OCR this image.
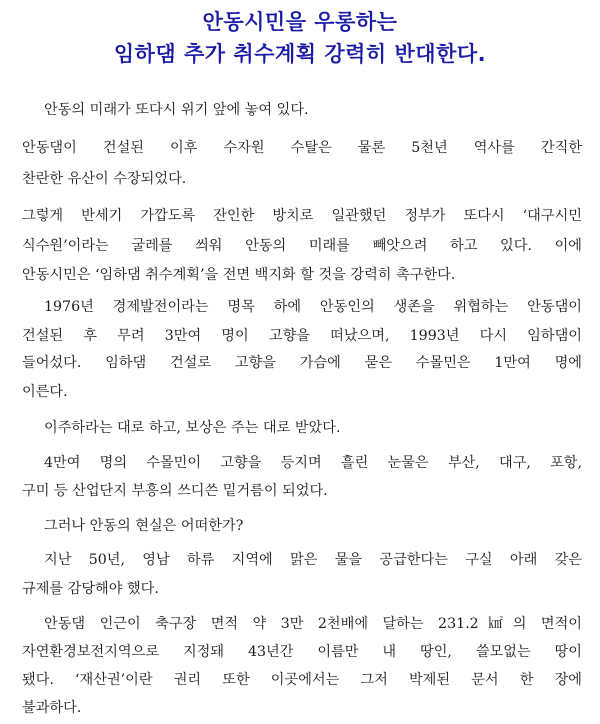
안동시민을 우롱하는
임하댐 추가 취수계획 강력히 반대한다.
안동의 미래가 또다시 위기 앞에 놓여 있다.
안동댐이 건설된 이후 수자원 수탈은 물론 5천년 역사를 간직한
찬란한 유산이 수장되었다.
그렇게 반세기 가깝도록 잔인한 방치로 일관했던 정부가 또다시 ‘대구시민
식수원’이라는 굴레를 씌워 안동의 미래를 빼앗으려 하고 있다. 이에
안동시민은 ‘임하댐 취수계획’을 전면 백지화 할 것을 강력히 촉구한다.
1976년 경제발전이라는 명목 하에 안동인의 생존을 위협하는 안동댐이
건설된 후 무려 3만여 명이 고향을 떠났으며, 1993년 다시 임하댐이
들어섰다. 임하댐 건설로 고향을 가슴에 묻은 수몰민은 1만여 명에
이른다.
이주하라는 대로 하고, 보상은 주는 대로 받았다.
4만여 명의 수몰민이 고향을 등지며 흘린 눈물은 부산, 대구, 포항,
구미 등 산업단지 부흥의 쓰디쓴 밑거름이 되었다.
그러나 안동의 현실은 어떠한가?
지난 50년, 영남 하류 지역에 맑은 물을 공급한다는 구실 아래 갖은
규제를 감당해야 했다.
안동댐 인근이 축구장 면적 약 3만 2천배에 달하는 231.2㎢의 면적이
자연환경보전지역으로 지정돼 43년간 이름만 내 땅인, 쓸모없는 땅이
됐다. ‘재산권’이란 권리 또한 이곳에서는 그저 박제된 문서 한 장에
불과하다.
